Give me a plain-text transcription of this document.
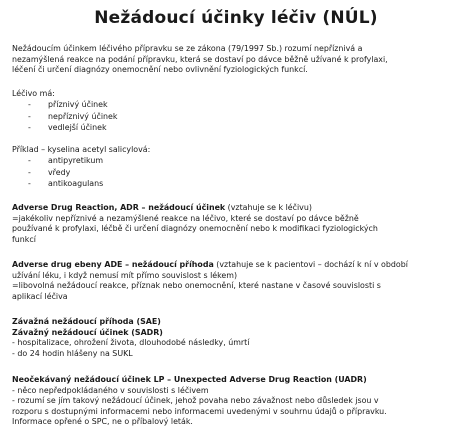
Nežádoucí účinky léčiv (NÚL)
Nežádoucím účinkem léčivého přípravku se ze zákona (79/1997 Sb.) rozumí nepříznivá a
nezamýšlená reakce na podání přípravku, která se dostaví po dávce běžně užívané k profylaxi,
léčení či určení diagnózy onemocnění nebo ovlivnění fyziologických funkcí.
Léčivo má:
- příznivý účinek
- nepříznivý účinek
- vedlejší účinek
Příklad – kyselina acetyl salicylová:
- antipyretikum
- vředy
- antikoagulans
Adverse Drug Reaction, ADR – nežádoucí účinek (vztahuje se k léčivu)
=jakékoliv nepříznivé a nezamýšlené reakce na léčivo, které se dostaví po dávce běžně
používané k profylaxi, léčbě či určení diagnózy onemocnění nebo k modifikaci fyziologických
funkcí
Adverse drug ebeny ADE – nežádoucí příhoda (vztahuje se k pacientovi – dochází k ní v období
užívání léku, i když nemusí mít přímo souvislost s lékem)
=libovolná nežádoucí reakce, příznak nebo onemocnění, které nastane v časové souvislosti s
aplikací léčiva
Závažná nežádoucí příhoda (SAE)
Závažný nežádoucí účinek (SADR)
- hospitalizace, ohrožení života, dlouhodobé následky, úmrtí
- do 24 hodin hlášeny na SUKL
Neočekávaný nežádoucí účinek LP – Unexpected Adverse Drug Reaction (UADR)
- něco nepředpokládaného v souvislosti s léčivem
- rozumí se jím takový nežádoucí účinek, jehož povaha nebo závažnost nebo důsledek jsou v
rozporu s dostupnými informacemi nebo informacemi uvedenými v souhrnu údajů o přípravku.
Informace opřené o SPC, ne o příbalový leták.
